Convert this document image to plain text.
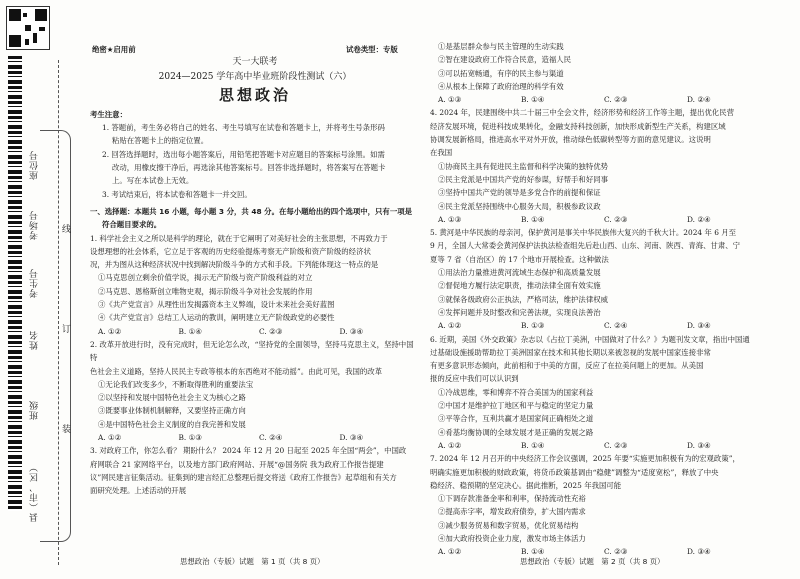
座位号
考场号
考生号
姓名
班级
县（市、区）
线
订
装
绝密★启用前	试卷类型：专版
天一大联考
2024—2025 学年高中毕业班阶段性测试（六）
思想政治
考生注意：

1. 答题前，考生务必将自己的姓名、考生号填写在试卷和答题卡上，并将考生号条形码

粘贴在答题卡上的指定位置。

2. 回答选择题时，选出每小题答案后，用铅笔把答题卡对应题目的答案标号涂黑。如需

改动，用橡皮擦干净后，再选涂其他答案标号。回答非选择题时，将答案写在答题卡

上。写在本试卷上无效。

3. 考试结束后，将本试卷和答题卡一并交回。

一、选择题：本题共 16 小题，每小题 3 分，共 48 分。在每小题给出的四个选项中，只有一项是
符合题目要求的。

1. 科学社会主义之所以是科学的理论，就在于它阐明了对美好社会的主张思想，不再致力于

设想理想的社会体系，它立足于客观的历史经验提炼考察无产阶级和资产阶级的经济状

况，并为图从这种经济状况中找到解决阶级斗争的方式和手段。下列能体现这一特点的是

①马克思创立剩余价值学说，揭示无产阶级与资产阶级利益的对立

②马克思、恩格斯创立唯物史观，揭示阶级斗争对社会发展的作用

③《共产党宣言》从理性出发揭露资本主义弊端，设计未来社会美好蓝图

④《共产党宣言》总结工人运动的教训，阐明建立无产阶级政党的必要性

A. ①②	B. ①④	C. ②③	D. ③④

2. 改革开放进行时，没有完成时，但无论怎么改，“坚持党的全面领导，坚持马克思主义，坚持中国特

色社会主义道路，坚持人民民主专政等根本的东西绝对不能动摇”。由此可见，我国的改革

①无论我们改变多少，不断取得胜利的重要法宝

②以坚持和发展中国特色社会主义为核心之路

③既要事业体制机制解释，又要坚持正确方向

④是中国特色社会主义制度的自我完善和发展

A. ①②	B. ①③	C. ②④	D. ③④

3. 对政府工作，你怎么看？ 期盼什么？ 2024 年 12 月 20 日起至 2025 年全国“两会”，中国政

府网联合 21 家网络平台，以及地方部门政府网站、开展“@国务院 我为政府工作报告提建

议”网民建言征集活动。征集到的建言经汇总整理后提交将送《政府工作报告》起草组和有关方

面研究处理。上述活动的开展

①是基层群众参与民主管理的生动实践

②智在建设政府工作符合民意，造福人民

③可以拓宽畅通，有序的民主参与渠道

④从根本上保障了政府治理的科学有效

A. ①③	B. ①④	C. ②③	D. ②④

4. 2024 年，民建围绕中共二十届三中全会文件，经济形势和经济工作等主题，提出优化民营

经济发展环境，促进科技成果转化，金融支持科技创新，加快形成新型生产关系，构建区域

协调发展新格局，推进高水平对外开放，推动绿色低碳转型等方面的意见建议。这说明

在我国

①协商民主具有促进民主监督和科学决策的独特优势

②民主党派是中国共产党的好参谋，好帮手和好同事

③坚持中国共产党的领导是多党合作的前提和保证

④民主党派坚持围绕中心服务大局，积极参政议政

A. ①③	B. ①④	C. ②③	D. ②④

5. 黄河是中华民族的母亲河，保护黄河是事关中华民族伟大复兴的千秋大计。2024 年 6 月至

9 月，全国人大常委会黄河保护法执法检查组先后赴山西、山东、河南、陕西、青海、甘肃、宁

夏等 7 省（自治区）的 17 个地市开展检查。这种做法

①用法治力量推进黄河流域生态保护和高质量发展

②督促地方履行法定职责，推动法律全面有效实施

③就保各级政府公正执法，严格司法，维护法律权威

④发挥问题并及时整改和完善法规，实现良法善治

A. ①②	B. ①③	C. ②④	D. ③④

6. 近期，美国《外交政策》杂志以《占拉丁美洲，中国做对了什么？》为题刊发文章，指出中国通

过基础设施援助帮助拉丁美洲国家在技术和其他长期以来被忽视的发展中国家连接非常

有更多意识形态倾向，此前相和于中美的方面，反应了在拉美问题上的更加。从美国

报的反应中我们可以认识到

①冷战思维，零和博弈不符合美国为的国家利益

②中国才是维护拉丁地区和平与稳定的坚定力量

③平等合作，互利共赢才是国家间正确相处之道

④肴基均衡协调的全球发展才是正确的发展之路

A. ①②	B. ①④	C. ②③	D. ③④

7. 2024 年 12 月召开的中央经济工作会议强调，2025 年要“实施更加积极有为的宏观政策”，

明确实施更加积极的财政政策，将货币政策基调由“稳健”调整为“适度宽松”，释放了中央

稳经济、稳预期的坚定决心。据此推断，2025 年我国可能

①下调存款准备金率和利率，保持流动性充裕

②提高赤字率，增发政府债券，扩大国内需求

③减少服务贸易和数字贸易，优化贸易结构

④加大政府投资企业力度，激发市场主体活力

A. ①②	B. ①④	C. ②③	D. ③④
思想政治（专版）试题　第 1 页（共 8 页）	思想政治（专版）试题　第 2 页（共 8 页）
